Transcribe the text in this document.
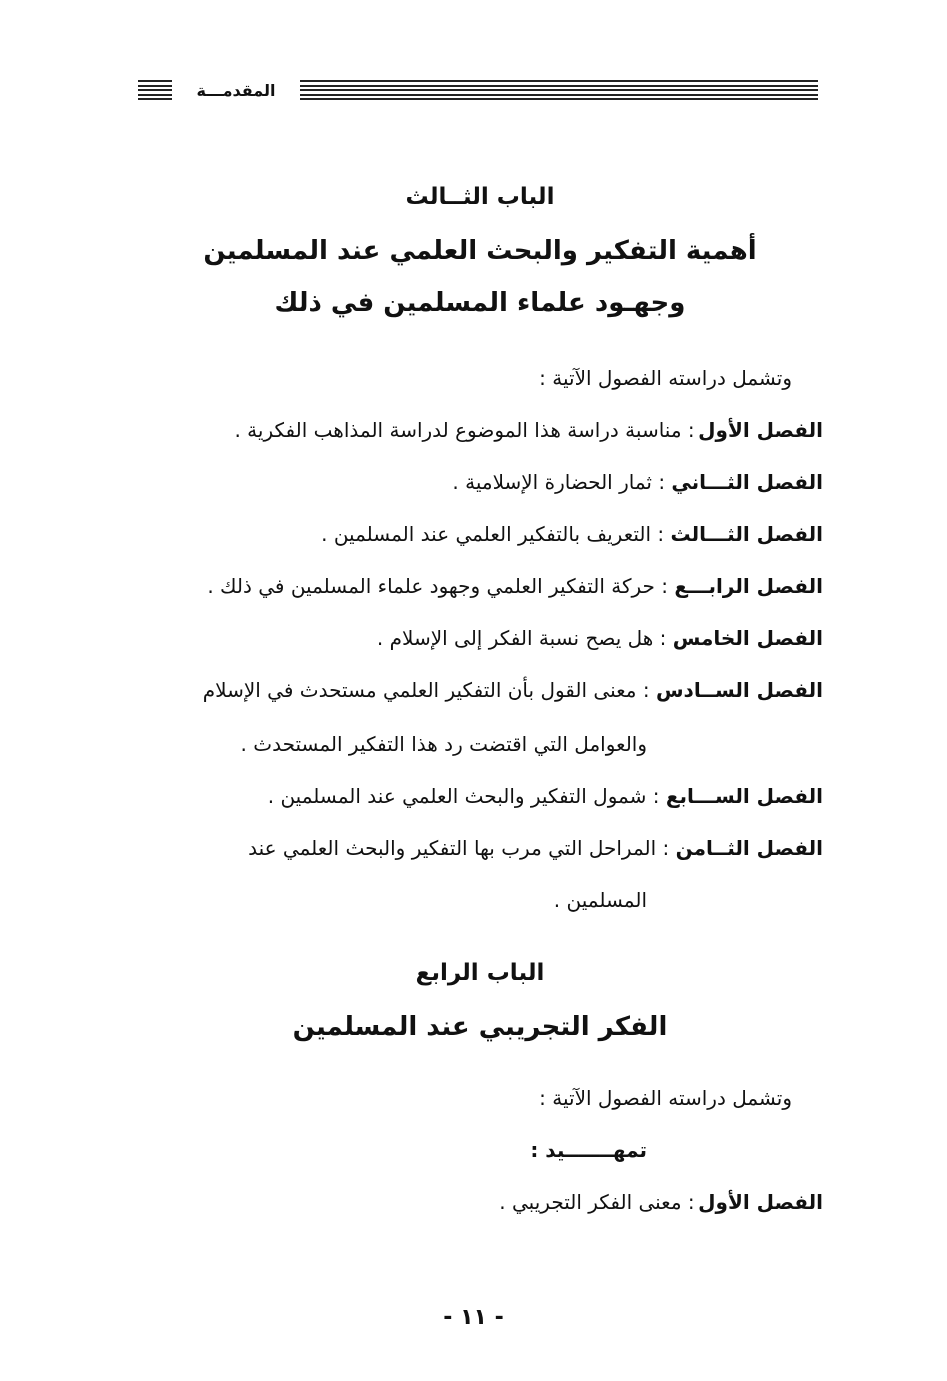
المقدمـــة
الباب الثــالث
أهمية التفكير والبحث العلمي عند المسلمين
وجهـود علماء المسلمين في ذلك
وتشمل دراسته الفصول الآتية :
الفصل الأول : مناسبة دراسة هذا الموضوع لدراسة المذاهب الفكرية .
الفصل الثـــاني : ثمار الحضارة الإسلامية .
الفصل الثـــالث : التعريف بالتفكير العلمي عند المسلمين .
الفصل الرابـــع : حركة التفكير العلمي وجهود علماء المسلمين في ذلك .
الفصل الخامس : هل يصح نسبة الفكر إلى الإسلام .
الفصل الســادس : معنى القول بأن التفكير العلمي مستحدث في الإسلام
والعوامل التي اقتضت رد هذا التفكير المستحدث .
الفصل الســـابع : شمول التفكير والبحث العلمي عند المسلمين .
الفصل الثــامن : المراحل التي مرب بها التفكير والبحث العلمي عند
المسلمين .
الباب الرابع
الفكر التجريبي عند المسلمين
وتشمل دراسته الفصول الآتية :
تمهـــــــيد :
الفصل الأول : معنى الفكر التجريبي .
- ١١ -
